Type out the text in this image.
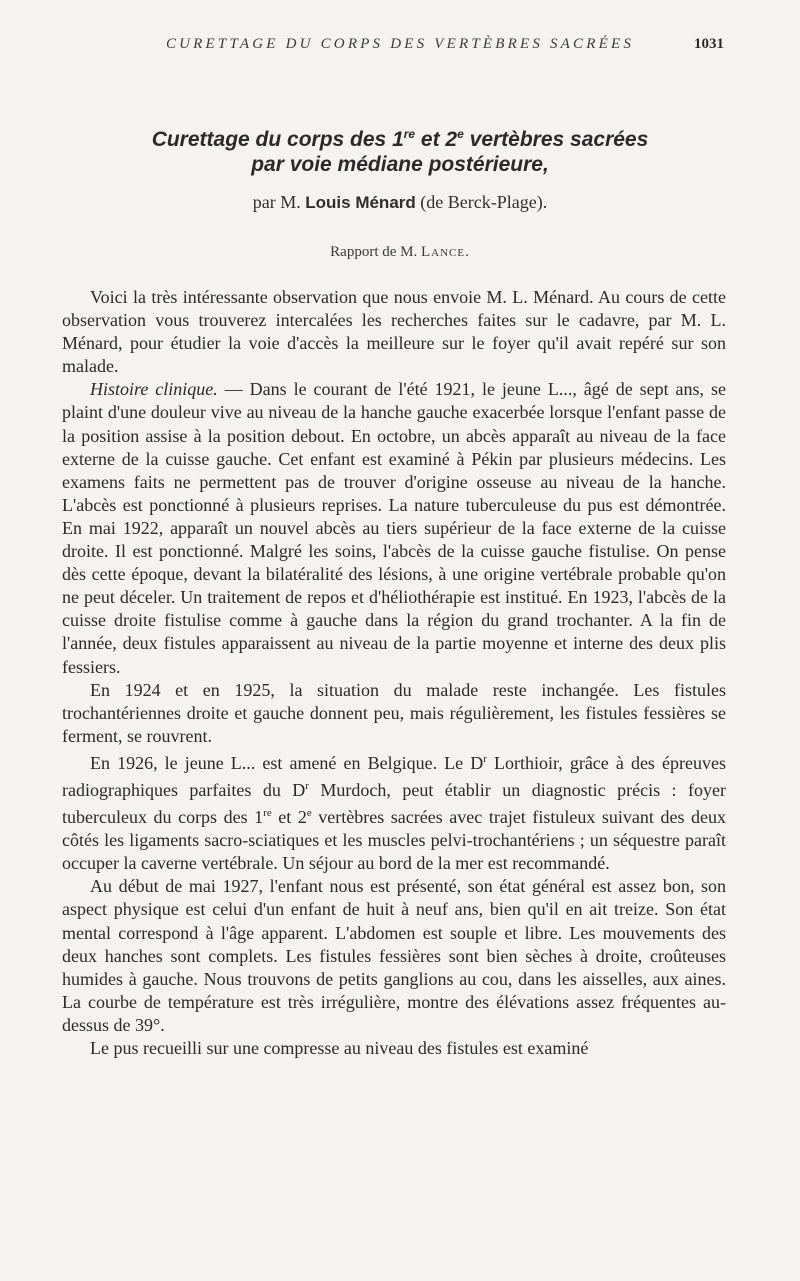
CURETTAGE DU CORPS DES VERTÈBRES SACRÉES	1031
Curettage du corps des 1re et 2e vertèbres sacrées
par voie médiane postérieure,
par M. Louis Ménard (de Berck-Plage).
Rapport de M. Lance.

Voici la très intéressante observation que nous envoie M. L. Ménard. Au cours de cette observation vous trouverez intercalées les recherches faites sur le cadavre, par M. L. Ménard, pour étudier la voie d'accès la meilleure sur le foyer qu'il avait repéré sur son malade.

Histoire clinique. — Dans le courant de l'été 1921, le jeune L..., âgé de sept ans, se plaint d'une douleur vive au niveau de la hanche gauche exacerbée lorsque l'enfant passe de la position assise à la position debout. En octobre, un abcès apparaît au niveau de la face externe de la cuisse gauche. Cet enfant est examiné à Pékin par plusieurs médecins. Les examens faits ne permettent pas de trouver d'origine osseuse au niveau de la hanche. L'abcès est ponctionné à plusieurs reprises. La nature tuberculeuse du pus est démontrée. En mai 1922, apparaît un nouvel abcès au tiers supérieur de la face externe de la cuisse droite. Il est ponctionné. Malgré les soins, l'abcès de la cuisse gauche fistulise. On pense dès cette époque, devant la bilatéralité des lésions, à une origine vertébrale probable qu'on ne peut déceler. Un traitement de repos et d'héliothérapie est institué. En 1923, l'abcès de la cuisse droite fistulise comme à gauche dans la région du grand trochanter. A la fin de l'année, deux fistules apparaissent au niveau de la partie moyenne et interne des deux plis fessiers.

En 1924 et en 1925, la situation du malade reste inchangée. Les fistules trochantériennes droite et gauche donnent peu, mais régulièrement, les fistules fessières se ferment, se rouvrent.

En 1926, le jeune L... est amené en Belgique. Le $D^r$ Lorthioir, grâce à des épreuves radiographiques parfaites du $D^r$ Murdoch, peut établir un diagnostic précis : foyer tuberculeux du corps des 1re et 2e vertèbres sacrées avec trajet fistuleux suivant des deux côtés les ligaments sacro-sciatiques et les muscles pelvi-trochantériens ; un séquestre paraît occuper la caverne vertébrale. Un séjour au bord de la mer est recommandé.

Au début de mai 1927, l'enfant nous est présenté, son état général est assez bon, son aspect physique est celui d'un enfant de huit à neuf ans, bien qu'il en ait treize. Son état mental correspond à l'âge apparent. L'abdomen est souple et libre. Les mouvements des deux hanches sont complets. Les fistules fessières sont bien sèches à droite, croûteuses humides à gauche. Nous trouvons de petits ganglions au cou, dans les aisselles, aux aines. La courbe de température est très irrégulière, montre des élévations assez fréquentes au-dessus de 39°.

Le pus recueilli sur une compresse au niveau des fistules est examiné
